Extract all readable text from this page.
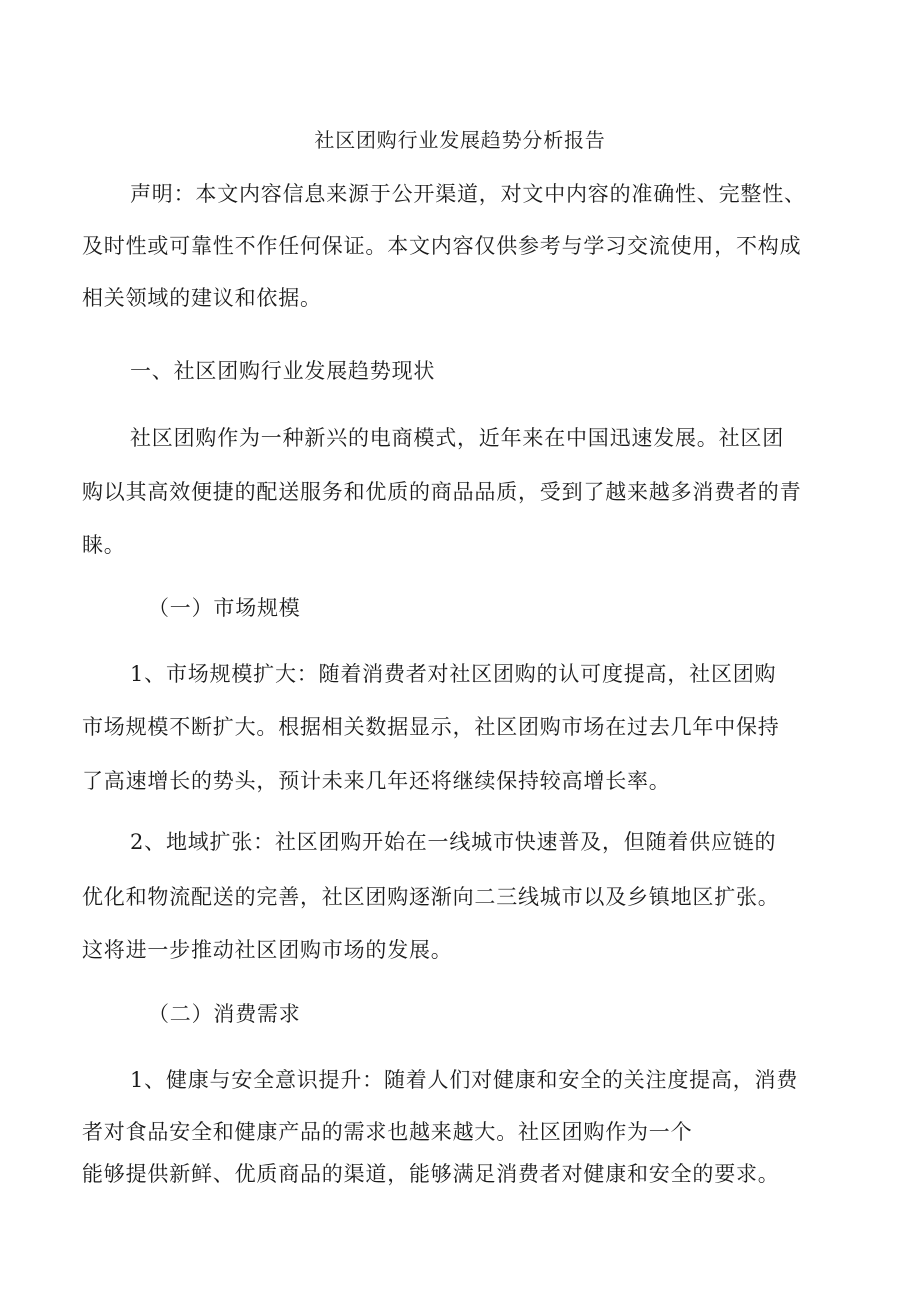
社区团购行业发展趋势分析报告
声明：本文内容信息来源于公开渠道，对文中内容的准确性、完整性、
及时性或可靠性不作任何保证。本文内容仅供参考与学习交流使用，不构成
相关领域的建议和依据。
一、社区团购行业发展趋势现状
社区团购作为一种新兴的电商模式，近年来在中国迅速发展。社区团
购以其高效便捷的配送服务和优质的商品品质，受到了越来越多消费者的青
睐。
（一）市场规模
1、市场规模扩大：随着消费者对社区团购的认可度提高，社区团购
市场规模不断扩大。根据相关数据显示，社区团购市场在过去几年中保持
了高速增长的势头，预计未来几年还将继续保持较高增长率。
2、地域扩张：社区团购开始在一线城市快速普及，但随着供应链的
优化和物流配送的完善，社区团购逐渐向二三线城市以及乡镇地区扩张。
这将进一步推动社区团购市场的发展。
（二）消费需求
1、健康与安全意识提升：随着人们对健康和安全的关注度提高，消费
者对食品安全和健康产品的需求也越来越大。社区团购作为一个
能够提供新鲜、优质商品的渠道，能够满足消费者对健康和安全的要求。
